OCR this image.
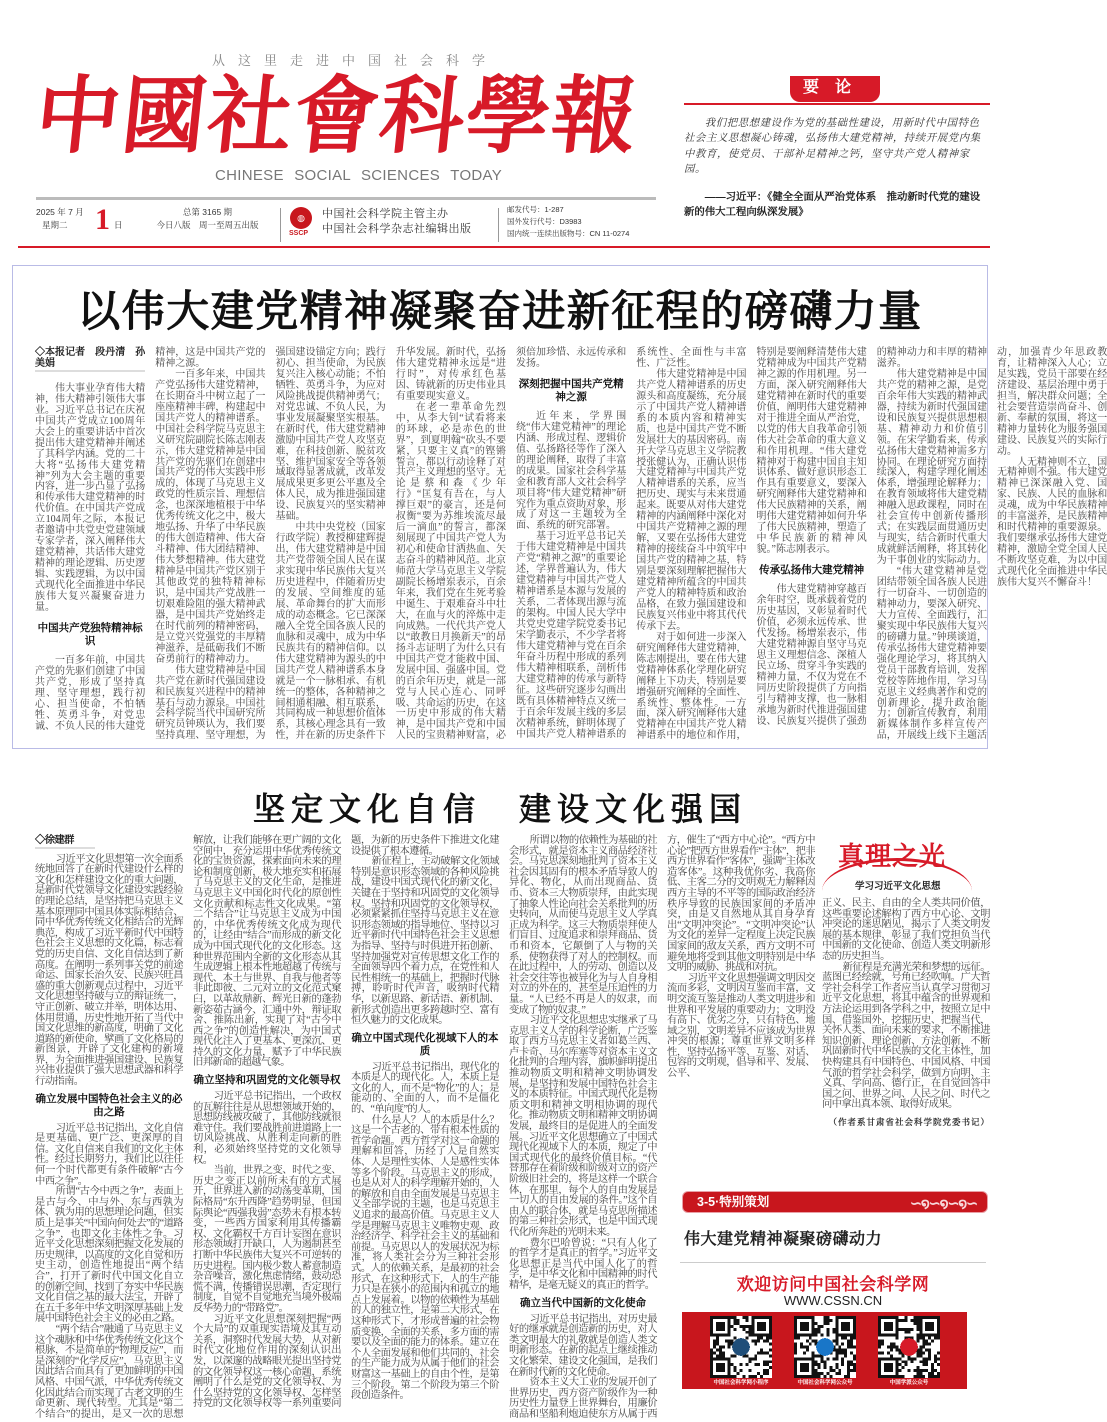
从这里走进中国社会科学
中國社會科學報
CHINESE SOCIAL SCIENCES TODAY
2025 年 7 月
星期二 1 日
总第 3165 期
今日八版　周一至周五出版
◍
SSCP
中国社会科学院主管主办
中国社会科学杂志社编辑出版
邮发代号：1-287
国外发行代号：D3983
国内统一连续出版物号：CN 11-0274
要论
我们把思想建设作为党的基础性建设，用新时代中国特色社会主义思想凝心铸魂，弘扬伟大建党精神，持续开展党内集中教育，使党员、干部补足精神之钙，坚守共产党人精神家园。
——习近平：《健全全面从严治党体系　推动新时代党的建设新的伟大工程向纵深发展》
以伟大建党精神凝聚奋进新征程的磅礴力量
◇本报记者　段丹清　孙美娟

伟大事业孕育伟大精神，伟大精神引领伟大事业。习近平总书记在庆祝中国共产党成立100周年大会上的重要讲话中首次提出伟大建党精神并阐述了其科学内涵。党的二十大将“弘扬伟大建党精神”列为大会主题的重要内容，进一步凸显了弘扬和传承伟大建党精神的时代价值。在中国共产党成立104周年之际，本报记者邀请中共党史党建领域专家学者，深入阐释伟大建党精神，共话伟大建党精神的理论逻辑、历史逻辑、实践逻辑，为以中国式现代化全面推进中华民族伟大复兴凝聚奋进力量。

中国共产党独特精神标识

一百多年前，中国共产党的先驱们创建了中国共产党，形成了坚持真理、坚守理想，践行初心、担当使命，不怕牺牲、英勇斗争，对党忠诚、不负人民的伟大建党精神，这是中国共产党的精神之源。

一百多年来，中国共产党弘扬伟大建党精神，在长期奋斗中树立起了一座座精神丰碑，构建起中国共产党人的精神谱系。中国社会科学院马克思主义研究院副院长陈志刚表示，伟大建党精神是中国共产党的先驱们在创建中国共产党的伟大实践中形成的，体现了马克思主义政党的性质宗旨、理想信念，也深深地植根于中华优秀传统文化之中，极大地弘扬、升华了中华民族的伟大创造精神、伟大奋斗精神、伟大团结精神、伟大梦想精神。伟大建党精神是中国共产党区别于其他政党的独特精神标识，是中国共产党战胜一切艰难险阻的强大精神武器，是中国共产党始终走在时代前列的精神密码，是立党兴党强党的丰厚精神滋养，是砥砺我们不断奋勇前行的精神动力。

伟大建党精神是中国共产党在新时代强国建设和民族复兴进程中的精神基石与动力源泉。中国社会科学院当代中国研究所研究员钟瑛认为，我们要坚持真理、坚守理想，为强国建设锚定方向；践行初心、担当使命，为民族复兴注入核心动能；不怕牺牲、英勇斗争，为应对风险挑战提供精神勇气；对党忠诚、不负人民，为事业发展凝聚坚实根基。在新时代，伟大建党精神激励中国共产党人攻坚克难，在科技创新、脱贫攻坚、维护国家安全等各领域取得显著成就，改革发展成果更多更公平惠及全体人民，成为推进强国建设、民族复兴的坚实精神基础。

中共中央党校（国家行政学院）教授柳建辉提出，伟大建党精神是中国共产党带领全国人民在谋求实现中华民族伟大复兴历史进程中，伴随着历史的发展、空间维度的延展、革命舞台的扩大而形成的动态概念。它已深深融入全党全国各族人民的血脉和灵魂中，成为中华民族共有的精神信仰。以伟大建党精神为源头的中国共产党人精神谱系本身就是一个一脉相承、有机统一的整体，各种精神之间相通相融、相互联系，共同构成一种思想价值体系，其核心理念具有一致性，并在新的历史条件下升华发展。新时代，弘扬伟大建党精神永远是“进行时”，对传承红色基因、铸就新的历史伟业具有重要现实意义。

在老一辈革命先烈中，从李大钊“试看将来的环球，必是赤色的世界”，到夏明翰“砍头不要紧，只要主义真”的铿锵誓言，都以行动诠释了对共产主义理想的坚守。无论是蔡和森《少年行》“匡复有吾在，与人撑巨艰”的豪言，还是何叔衡“要为苏维埃流尽最后一滴血”的誓言，都深刻展现了中国共产党人为初心和使命甘洒热血、矢志奋斗的精神风范。北京师范大学马克思主义学院副院长杨增岽表示，百余年来，我们党在生死考验中诞生、于艰难奋斗中壮大，在血与火的淬炼中走向成熟。一代代共产党人以“敢教日月换新天”的昂扬斗志证明了为什么只有中国共产党才能救中国、发展中国、强盛中国。党的百余年历史，就是一部党与人民心连心、同呼吸、共命运的历史，在这一历史中形成的伟大精神，是中国共产党和中国人民的宝贵精神财富，必须倍加珍惜、永远传承和发扬。

深刻把握中国共产党精神之源

近年来，学界围绕“伟大建党精神”的理论内涵、形成过程、逻辑价值、弘扬路径等作了深入的理论阐释，取得了丰富的成果。国家社会科学基金和教育部人文社会科学项目将“伟大建党精神”研究作为重点资助对象，形成了对这一主题较为全面、系统的研究部署。

基于习近平总书记关于伟大建党精神是中国共产党“精神之源”的重要论述，学界普遍认为，伟大建党精神与中国共产党人精神谱系是本源与发展的关系，二者体现出源与流的架构。中国人民大学中共党史党建学院党委书记宋学勤表示，不少学者将伟大建党精神与党在百余年奋斗历程中形成的系列伟大精神相联系，剖析伟大建党精神的传承与新特征。这些研究逐步勾画出既有具体精神特点又统一于百余年发展主线的多层次精神系统，鲜明体现了中国共产党人精神谱系的系统性、全面性与丰富性、广泛性。

伟大建党精神是中国共产党人精神谱系的历史源头和高度凝练，充分展示了中国共产党人精神谱系的本质内容和精神实质，也是中国共产党不断发展壮大的基因密码。南开大学马克思主义学院教授张健认为，正确认识伟大建党精神与中国共产党人精神谱系的关系，应当把历史、现实与未来贯通起来。既要从对伟大建党精神的内涵阐释中深化对中国共产党精神之源的理解，又要在弘扬伟大建党精神的接续奋斗中筑牢中国共产党的精神之基，特别是要深刻理解把握伟大建党精神所蕴含的中国共产党人的精神特质和政治品格，在致力强国建设和民族复兴伟业中将其代代传承下去。

对于如何进一步深入研究阐释伟大建党精神，陈志刚提出，要在伟大建党精神体系化学理化研究阐释上下功夫，特别是要增强研究阐释的全面性、系统性、整体性。一方面，深入研究阐释伟大建党精神在中国共产党人精神谱系中的地位和作用，特别是要阐释清楚伟大建党精神成为中国共产党精神之源的作用机理。另一方面，深入研究阐释伟大建党精神在新时代的重要价值，阐明伟大建党精神对于推进全面从严治党，以党的伟大自我革命引领伟大社会革命的重大意义和作用机理。“伟大建党精神对于构建中国自主知识体系、做好意识形态工作具有重要意义，要深入研究阐释伟大建党精神和伟大民族精神的关系，阐明伟大建党精神如何升华了伟大民族精神，塑造了中华民族新的精神风貌。”陈志刚表示。

传承弘扬伟大建党精神

伟大建党精神穿越百余年时空，既承载着党的历史基因，又彰显着时代价值，必须永远传承、世代发扬。杨增岽表示，伟大建党精神源自坚守马克思主义理想信念、深植人民立场、贯穿斗争实践的精神力量，不仅为党在不同历史阶段提供了方向指引与精神支撑，也一脉相承地为新时代推进强国建设、民族复兴提供了强劲的精神动力和丰厚的精神滋养。

伟大建党精神是中国共产党的精神之源，是党百余年伟大实践的精神武器，持续为新时代强国建设和民族复兴提供思想根基、精神动力和价值引领。在宋学勤看来，传承弘扬伟大建党精神需多方协同。在理论研究方面持续深入，构建学理化阐述体系，增强理论解释力；在教育领域将伟大建党精神融入思政课程，同时在社会宣传中创新传播形式；在实践层面贯通历史与现实，结合新时代重大成就鲜活阐释，将其转化为干事创业的实际动力。

“伟大建党精神是党团结带领全国各族人民进行一切奋斗、一切创造的精神动力，要深入研究、大力宣传、全面践行，汇聚实现中华民族伟大复兴的磅礴力量。”钟瑛谈道，传承弘扬伟大建党精神要强化理论学习，将其纳入党员干部教育培训，发挥党校等阵地作用，学习马克思主义经典著作和党的创新理论，提升政治能力；创新宣传教育，利用新媒体制作多样宣传产品，开展线上线下主题活动，加强青少年思政教育，让精神深入人心；立足实践，党员干部要在经济建设、基层治理中勇于担当，解决群众问题；全社会要营造崇尚奋斗、创新、奉献的氛围，将这一精神力量转化为服务强国建设、民族复兴的实际行动。

人无精神则不立，国无精神则不强。伟大建党精神已深深融入党、国家、民族、人民的血脉和灵魂，成为中华民族精神的丰富滋养，是民族精神和时代精神的重要源泉。我们要继承弘扬伟大建党精神，激励全党全国人民不断攻坚克难，为以中国式现代化全面推进中华民族伟大复兴不懈奋斗！

坚定文化自信　建设文化强国
◇徐建群

习近平文化思想第一次全面系统地回答了在新时代建设什么样的文化和怎样建设文化的重大问题，是新时代党领导文化建设实践经验的理论总结，是坚持把马克思主义基本原理同中国具体实际相结合、同中华优秀传统文化相结合的光辉典范，构成了习近平新时代中国特色社会主义思想的文化篇，标志着党的历史自信、文化自信达到了新高度。在阐明一系列事关党的前途命运、国家长治久安、民族兴旺昌盛的重大创新观点过程中，习近平文化思想坚持破与立的辩证统一，守正创新、破立并举，明体达用、体用贯通，历史性地开拓了当代中国文化思维的新高度，明确了文化道路的新使命，擘画了文化格局的新图景，开辟了文化建构的新境界，为全面推进强国建设、民族复兴伟业提供了强大思想武器和科学行动指南。

确立发展中国特色社会主义的必由之路

习近平总书记指出，文化自信是更基础、更广泛、更深厚的自信。文化自信来自我们的文化主体性。经过长期努力，我们比以往任何一个时代都更有条件破解“古今中西之争”。

所谓“古今中西之争”，表面上是古与今、中与外、东与西孰为体、孰为用的思想理论问题，但实质上是事关“中国向何处去”的“道路之争”，也即文化主体性之争。习近平文化思想深刻把握文化发展的历史规律，以高度的文化自觉和历史主动，创造性地提出“两个结合”，打开了新时代中国文化自立的创新空间，找到了夯实中华民族文化自信之基的最大法宝，开辟了在五千多年中华文明深厚基础上发展中国特色社会主义的必由之路。

“两个结合”融通了马克思主义这个魂脉和中华优秀传统文化这个根脉，不是简单的“物理反应”，而是深刻的“化学反应”，马克思主义因此结合而具有了更加鲜明的中国风格、中国气派，中华优秀传统文化因此结合而实现了古老文明的生命更新、现代转型。尤其是“第二个结合”的提出，是又一次的思想解放，让我们能够在更广阔的文化空间中，充分运用中华优秀传统文化的宝贵资源，探索面向未来的理论和制度创新，极大地充实和拓展了马克思主义的文化生命，是推进马克思主义中国化时代化的原创性文化贡献和标志性文化成果。“第二个结合”让马克思主义成为中国的，中华优秀传统文化成为现代的，让经由“结合”而形成的新文化成为中国式现代化的文化形态。这种世界范围内全新的文化形态从其生成逻辑上根本性地超越了传统与现代、本土与世界、自我与他者等非此即彼、二元对立的文化范式窠臼，以革故鼎新、辉光日新的蓬勃新姿茹古涵今、汇通中外，辩证取舍、推陈出新，实现了对“古今中西之争”的创造性解决，为中国式现代化注入了更基本、更深沉、更持久的文化力量，赋予了中华民族旧邦新命的超越气象。

确立坚持和巩固党的文化领导权

习近平总书记指出，一个政权的瓦解往往是从思想领域开始的，思想防线被攻破了，其他防线就很难守住。我们要战胜前进道路上一切风险挑战、从胜利走向新的胜利，必须始终坚持党的文化领导权。

当前，世界之变、时代之变、历史之变正以前所未有的方式展开，世界进入新的动荡变革期，国际格局“东升西降”趋势明显，但国际舆论“西强我弱”态势未有根本转变，一些西方国家利用其传播霸权、文化霸权千方百计妄图在意识形态领域打开缺口，人为遏制甚至打断中华民族伟大复兴不可逆转的历史进程。国内极少数人蓄意制造杂音噪音，激化焦虑情绪，鼓动恐慌不满，传播错误思潮，否定现行制度，自觉不自觉地充当境外极端反华势力的“带路党”。

习近平文化思想深刻把握“两个大局”的双重现实语境及其互动关系，洞察时代发展大势，从对新时代文化地位作用的深刻认识出发，以深邃的战略眼光提出坚持党的文化领导权这一核心命题，系统阐明了什么是党的文化领导权、为什么坚持党的文化领导权、怎样坚持党的文化领导权等一系列重要问题，为新的历史条件下推进文化建设提供了根本遵循。

新征程上，主动破解文化领域特别是意识形态领域的各种风险挑战，建设中国式现代化的新文化，关键在于坚持和巩固党的文化领导权。坚持和巩固党的文化领导权，必须紧紧抓住坚持马克思主义在意识形态领域的指导地位、坚持以习近平新时代中国特色社会主义思想为指导、坚持与时俱进开拓创新、坚持加强党对宣传思想文化工作的全面领导四个着力点，在党性和人民性相统一的基础上，把握时代脉搏，聆听时代声音，吸纳时代精华，以新思路、新话语、新机制、新形式创造出更多跨越时空、富有恒久魅力的文化成果。

确立中国式现代化视域下人的本质

习近平总书记指出，现代化的本质是人的现代化。人，本质上是文化的人，而不是“物化”的人；是能动的、全面的人，而不是僵化的、“单向度”的人。

什么是人？人的本质是什么？这是一个古老的、带有根本性质的哲学命题。西方哲学对这一命题的理解和回答，历经了人是自然实体、人是理性实体、人是感性实体等多个阶段。马克思主义的形成，也是从对人的科学理解开始的，人的解放和自由全面发展是马克思主义全部学说的主题，也是马克思主义追求的最高价值。马克思主义人学是理解马克思主义唯物史观、政治经济学、科学社会主义的基础和前提。马克思以人的发展状况为标准，将人类社会分为三种社会形式。人的依赖关系，是最初的社会形式，在这种形式下，人的生产能力只是在狭小的范围内和孤立的地点上发展着。以物的依赖性为基础的人的独立性，是第二大形式，在这种形式下，才形成普遍的社会物质变换，全面的关系，多方面的需要以及全面的能力的体系。建立在个人全面发展和他们共同的、社会的生产能力成为从属于他们的社会财富这一基础上的自由个性，是第三个阶段。第二个阶段为第三个阶段创造条件。

所谓以物的依赖性为基础的社会形式，就是资本主义商品经济社会。马克思深刻地批判了资本主义社会因其固有的根本矛盾导致人的异化、物化，从而出现商品、货币、资本三大物质崇拜，由此实现了抽象人性论向社会关系批判的历史转向，从而使马克思主义人学真正成为科学。这三大物质崇拜使人们盲目、过度追求和崇拜商品、货币和资本，它颠倒了人与物的关系，使物获得了对人的控制权。而在此过程中，人的劳动、创造以及社会交往等也被异化为与人自身相对立的外在的，甚至是压迫性的力量。“人已经不再是人的奴隶，而变成了物的奴隶。”

习近平文化思想忠实继承了马克思主义人学的科学论断，广泛鉴取了西方马克思主义者如葛兰西、卢卡奇、马尔库塞等对资本主义文化批判的合理内容，旗帜鲜明提出推动物质文明和精神文明协调发展，是坚持和发展中国特色社会主义的本质特征。中国式现代化是物质文明和精神文明相协调的现代化。推动物质文明和精神文明协调发展，最终目的是促进人的全面发展。习近平文化思想确立了中国式现代化视域下人的本质，规定了中国式现代化的最终价值目标。“代替那存在着阶级和阶级对立的资产阶级旧社会的，将是这样一个联合体，在那里，每个人的自由发展是一切人的自由发展的条件。”这个自由人的联合体，就是马克思所描述的第三种社会形式，也是中国式现代化所奔赴的光明未来。

费尔巴哈曾说：“只有人化了的哲学才是真正的哲学。”习近平文化思想正是当代中国人化了的哲学，是中华文化和中国精神的时代精华，是毫无疑义的真正的哲学。

确立当代中国新的文化使命

习近平总书记指出，对历史最好的继承就是创造新的历史，对人类文明最大的礼敬就是创造人类文明新形态。在新的起点上继续推动文化繁荣、建设文化强国，是我们在新时代新的文化使命。

资本主义大工业的发展开创了世界历史，西方资产阶级作为一种历史性力量登上世界舞台，用廉价商品和坚船利炮迫使东方从属于西方，催生了“西方中心论”。“西方中心论”把西方世界看作“主体”，把非西方世界看作“客体”，强调“主体改造客体”。这种我优你劣、我高你低、主客二分的文明观无力解释因西方主导的不平等的国际政治经济秩序导致的民族国家间的矛盾冲突，由是又自然地从其自身孕育出“文明冲突论”。“文明冲突论”认为文化的差异一定程度上决定民族国家间的敌友关系，西方文明不可避免地将受到其他文明特别是中华文明的威胁、挑战和对抗。

习近平文化思想强调文明因交流而多彩，文明因互鉴而丰富，文明交流互鉴是推动人类文明进步和世界和平发展的重要动力；文明没有高下、优劣之分，只有特色、地域之别，文明差异不应该成为世界冲突的根源；尊重世界文明多样性，坚持弘扬平等、互鉴、对话、包容的文明观，倡导和平、发展、公平、

真理之光
学习习近平文化思想

正义、民主、自由的全人类共同价值，这些重要论述解构了西方中心论、文明冲突论的迷思陋见，揭示了人类文明发展的基本规律，彰显了我们党担负当代中国新的文化使命、创造人类文明新形态的历史担当。

新征程是充满光荣和梦想的远征。蓝图已经绘就，号角已经吹响。广大哲学社会科学工作者应当认真学习贯彻习近平文化思想，将其中蕴含的世界观和方法论运用到各学科之中，按照立足中国、借鉴国外，挖掘历史、把握当代，关怀人类、面向未来的要求，不断推进知识创新、理论创新、方法创新，不断巩固新时代中华民族的文化主体性，加快构建具有中国特色、中国风格、中国气派的哲学社会科学，做到方向明、主义真、学问高、德行正，在自觉回答中国之问、世界之问、人民之问、时代之问中拿出真本领、取得好成果。

（作者系甘肃省社会科学院党委书记）
3-5·特别策划	∽໑∽໑∽໑∽
伟大建党精神凝聚磅礴动力
欢迎访问中国社会科学网
WWW.CSSN.CN
中国社会科学网小程序	中国社会科学网公众号	中国学派公众号
